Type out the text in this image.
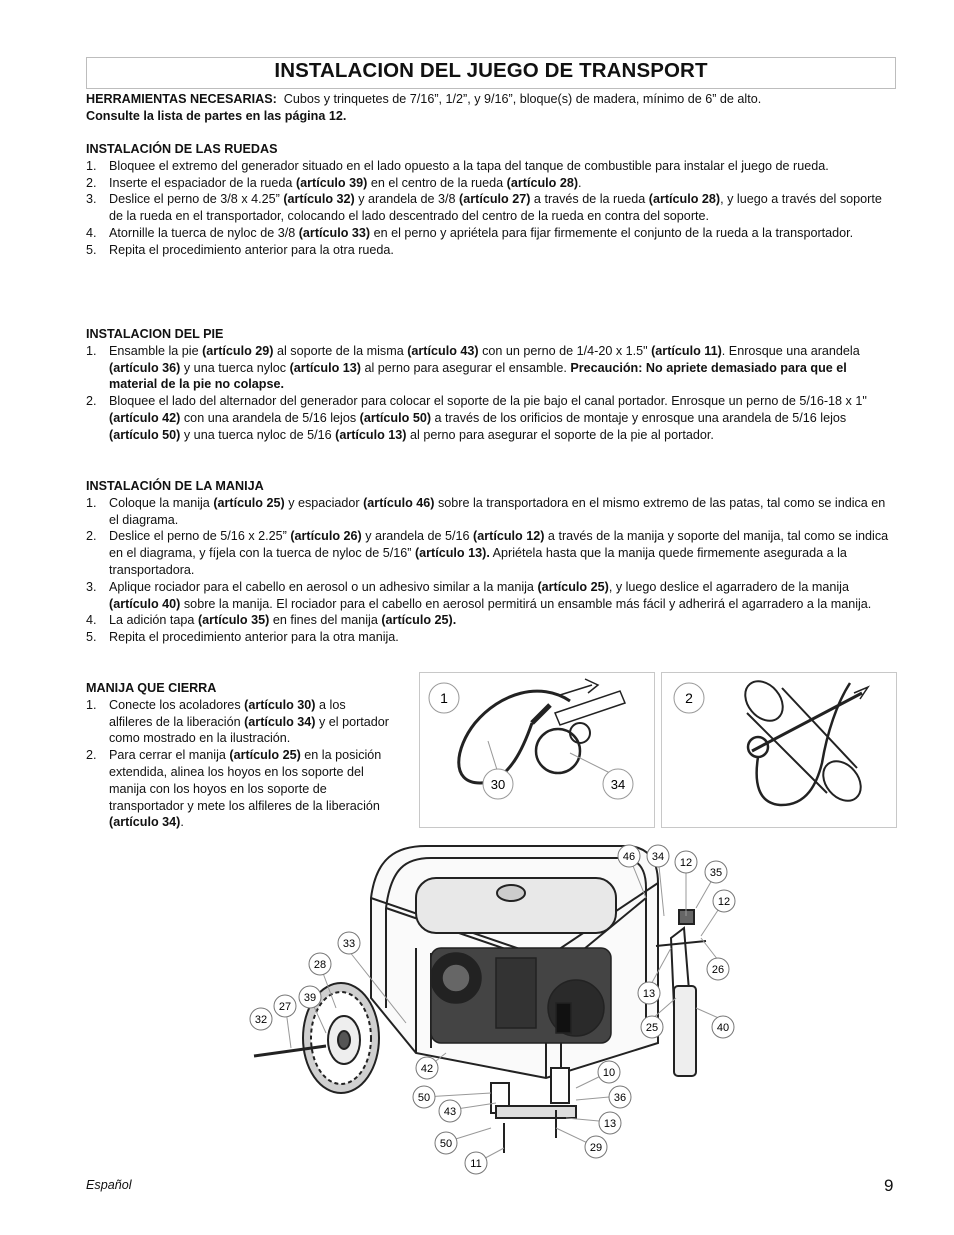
INSTALACION DEL JUEGO DE TRANSPORT
HERRAMIENTAS NECESARIAS: Cubos y trinquetes de 7/16”, 1/2”, y 9/16”, bloque(s) de madera, mínimo de 6” de alto.
Consulte la lista de partes en las página 12.
INSTALACIÓN DE LAS RUEDAS
1. Bloquee el extremo del generador situado en el lado opuesto a la tapa del tanque de combustible para instalar el juego de rueda.
2. Inserte el espaciador de la rueda (artículo 39) en el centro de la rueda (artículo 28).
3. Deslice el perno de 3/8 x 4.25” (artículo 32) y arandela de 3/8 (artículo 27) a través de la rueda (artículo 28), y luego a través del soporte de la rueda en el transportador, colocando el lado descentrado del centro de la rueda en contra del soporte.
4. Atornille la tuerca de nyloc de 3/8 (artículo 33) en el perno y apriételа para fijar firmemente el conjunto de la rueda a la transportador.
5. Repita el procedimiento anterior para la otra rueda.
INSTALACION DEL PIE
1. Ensamble la pie (artículo 29) al soporte de la misma (artículo 43) con un perno de 1/4-20 x 1.5" (artículo 11). Enrosque una arandela (artículo 36) y una tuerca nyloc (artículo 13) al perno para asegurar el ensamble. Precaución: No apriete demasiado para que el material de la pie no colapse.
2. Bloquee el lado del alternador del generador para colocar el soporte de la pie bajo el canal portador. Enrosque un perno de 5/16-18 x 1" (artículo 42) con una arandela de 5/16 lejos (artículo 50) a través de los orificios de montaje y enrosque una arandela de 5/16 lejos (artículo 50) y una tuerca nyloc de 5/16 (artículo 13) al perno para asegurar el soporte de la pie al portador.
INSTALACIÓN DE LA MANIJA
1. Coloque la manija (artículo 25) y espaciador (artículo 46) sobre la transportadora en el mismo extremo de las patas, tal como se indica en el diagrama.
2. Deslice el perno de 5/16 x 2.25” (artículo 26) y arandela de 5/16 (artículo 12) a través de la manija y soporte del manija, tal como se indica en el diagrama, y fíjela con la tuerca de nyloc de 5/16” (artículo 13). Apriétela hasta que la manija quede firmemente asegurada a la transportadora.
3. Aplique rociador para el cabello en aerosol o un adhesivo similar a la manija (artículo 25), y luego deslice el agarradero de la manija (artículo 40) sobre la manija. El rociador para el cabello en aerosol permitirá un ensamble más fácil y adherirá el agarradero a la manija.
4. La adición tapa (artículo 35) en fines del manija (artículo 25).
5. Repita el procedimiento anterior para la otra manija.
MANIJA QUE CIERRA
1. Conecte los acoladores (artículo 30) a los alfileres de la liberación (artículo 34) y el portador como mostrado en la ilustración.
2. Para cerrar el manija (artículo 25) en la posición extendida, alinea los hoyos en los soporte del manija con los hoyos en los soporte de transportador y mete los alfileres de la liberación (artículo 34).
1
30	34
2
46 34 12
35
12
26
13
25	40
33
28
39
27
32
42	10
50	36
43
13
50	29
11
Español	9
